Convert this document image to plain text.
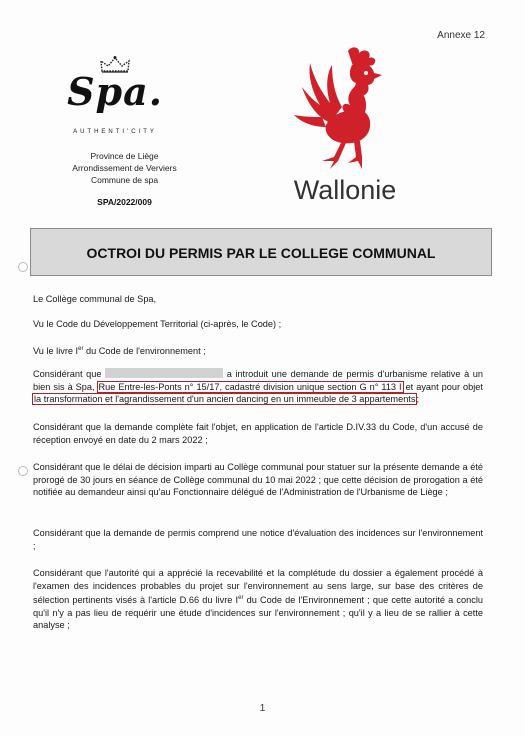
Annexe 12
Spa.
AUTHENTI'CITY
Province de Liège
Arrondissement de Verviers
Commune de spa
SPA/2022/009	Wallonie
OCTROI DU PERMIS PAR LE COLLEGE COMMUNAL
Le Collège communal de Spa,
Vu le Code du Développement Territorial (ci-après, le Code) ;
Vu le livre Ier du Code de l'environnement ;
Considérant que	a introduit une demande de permis d'urbanisme relative à un bien sis à Spa, Rue Entre-les-Ponts n° 15/17, cadastré division unique section G n° 113 I et ayant pour objet la transformation et l'agrandissement d'un ancien dancing en un immeuble de 3 appartements;
Considérant que la demande complète fait l'objet, en application de l'article D.IV.33 du Code, d'un accusé de réception envoyé en date du 2 mars 2022 ;
Considérant que le délai de décision imparti au Collège communal pour statuer sur la présente demande a été prorogé de 30 jours en séance de Collège communal du 10 mai 2022 ; que cette décision de prorogation a été notifiée au demandeur ainsi qu'au Fonctionnaire délégué de l'Administration de l'Urbanisme de Liège ;
Considérant que la demande de permis comprend une notice d'évaluation des incidences sur l'environnement ;
Considérant que l'autorité qui a apprécié la recevabilité et la complétude du dossier a également procédé à l'examen des incidences probables du projet sur l'environnement au sens large, sur base des critères de sélection pertinents visés à l'article D.66 du livre Ier du Code de l'Environnement ; que cette autorité a conclu qu'il n'y a pas lieu de requérir une étude d'incidences sur l'environnement ; qu'il y a lieu de se rallier à cette analyse ;
1
